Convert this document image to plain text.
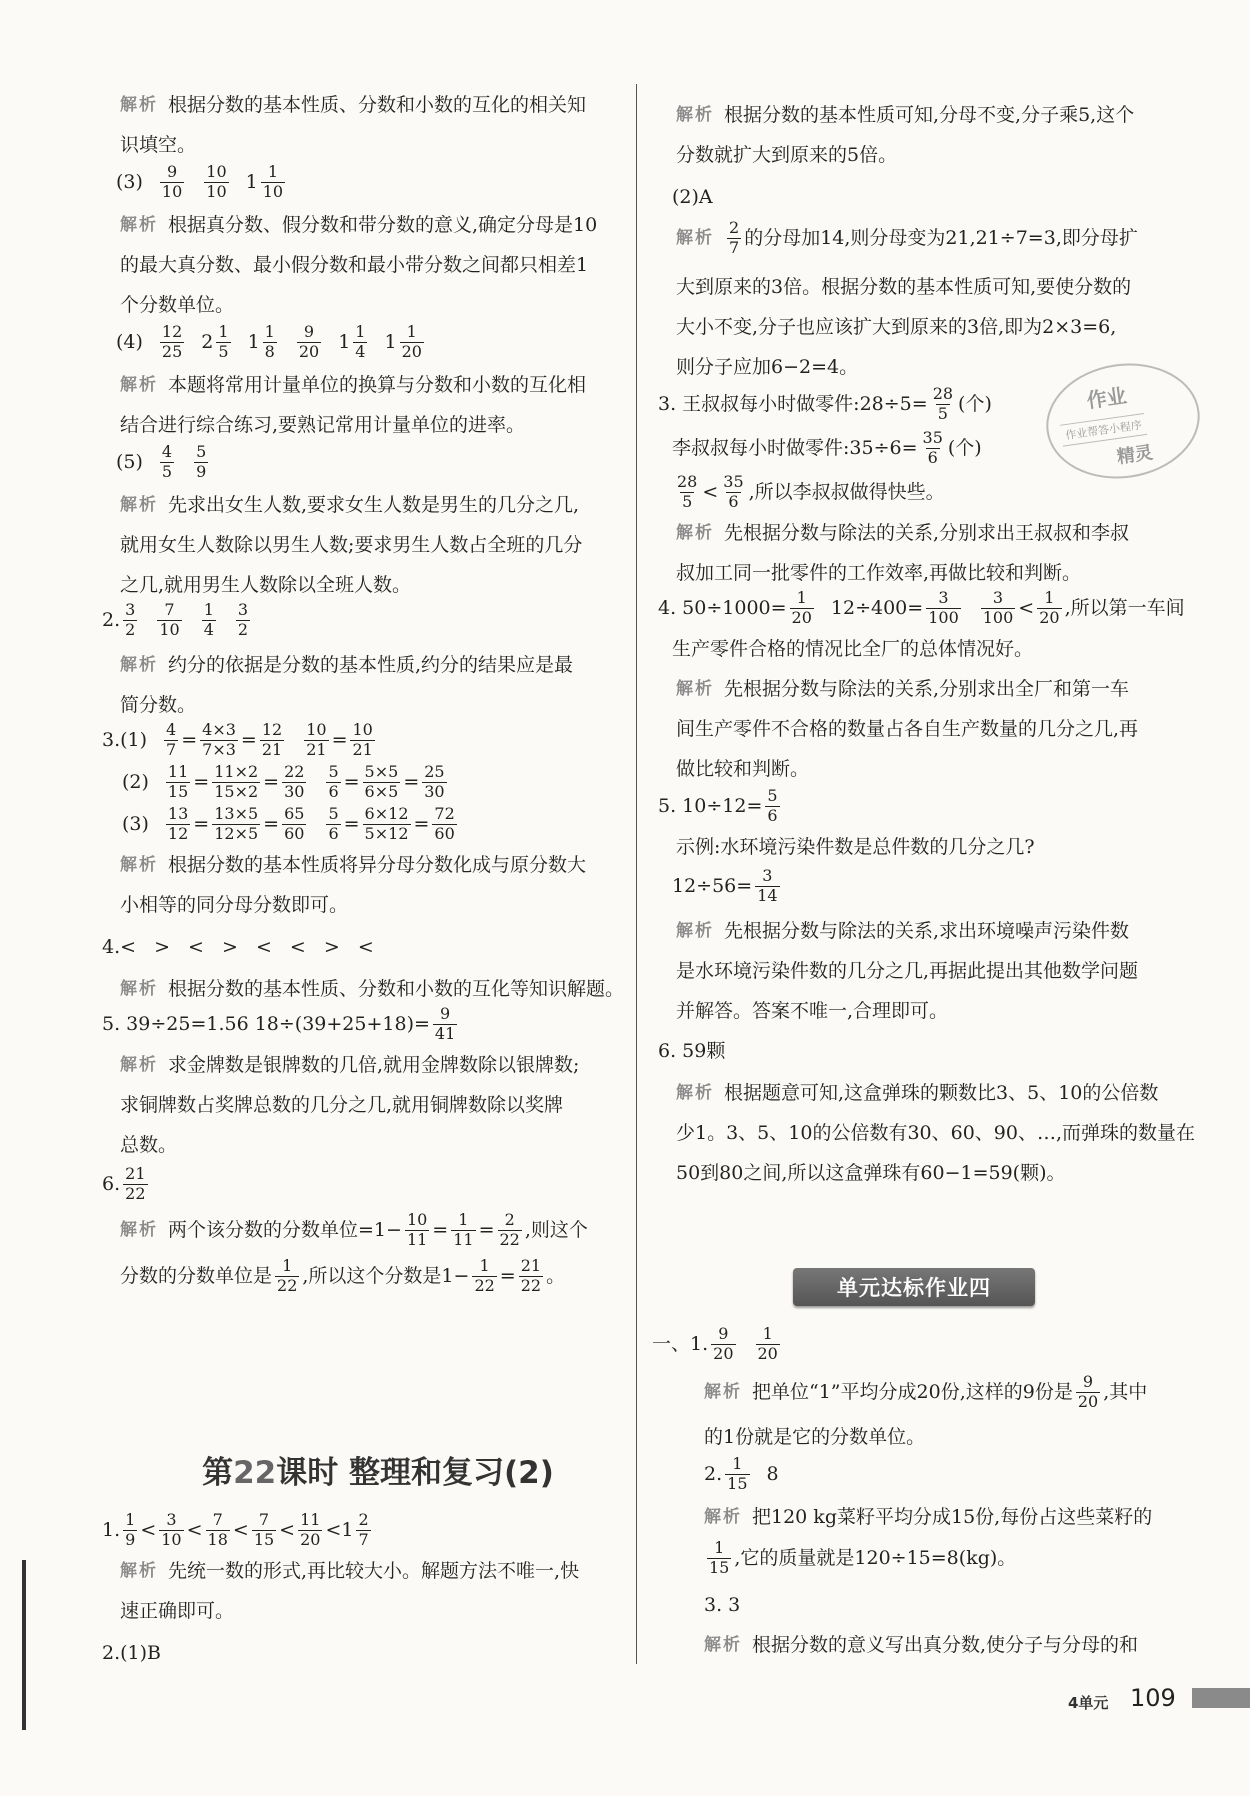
解析 根据分数的基本性质、分数和小数的互化的相关知
识填空。
(3) 9
10
10
10 1 1
10
解析 根据真分数、假分数和带分数的意义,确定分母是10
的最大真分数、最小假分数和最小带分数之间都只相差1
个分数单位。
(4) 12
25 2 1
5 1 1
8
9
20 1 1
4 1 1
20
解析 本题将常用计量单位的换算与分数和小数的互化相
结合进行综合练习,要熟记常用计量单位的进率。
(5) 4
5
5
9
解析 先求出女生人数,要求女生人数是男生的几分之几,
就用女生人数除以男生人数;要求男生人数占全班的几分
之几,就用男生人数除以全班人数。
2. 3
2
7
10
1
4
3
2
解析 约分的依据是分数的基本性质,约分的结果应是最
简分数。
3.(1) 4
7 = 4×3
7×3 = 12
21
10
21 = 10
21
(2) 11
15 = 11×2
15×2 = 22
30
5
6 = 5×5
6×5 = 25
30
(3) 13
12 = 13×5
12×5 = 65
60
5
6 = 6×12
5×12 = 72
60
解析 根据分数的基本性质将异分母分数化成与原分数大
小相等的同分母分数即可。
4.< > < > < < > <
解析 根据分数的基本性质、分数和小数的互化等知识解题。
5. 39÷25=1.56 $18\div(39+25+18)= \frac{9}{41}$
解析 求金牌数是银牌数的几倍,就用金牌数除以银牌数;
求铜牌数占奖牌总数的几分之几,就用铜牌数除以奖牌
总数。
6. 21
22
解析 两个该分数的分数单位$=1- \frac{10}{11} = 1$
11 = 2
22 ,则这个
分数的分数单位是 1
22 ,所以这个分数是$1- \frac{1}{22} = 21$
22 。
1. 1
9 < 3
10 < 7
18 < 7
15 < 11
20 <1 2
7
解析 先统一数的形式,再比较大小。解题方法不唯一,快
速正确即可。
2.(1)B
第22课时 整理和复习(2)
解析 根据分数的基本性质可知,分母不变,分子乘5,这个
分数就扩大到原来的5倍。
(2)A
解析
2
7 的分母加14,则分母变为21,21÷7=3,即分母扩
大到原来的3倍。根据分数的基本性质可知,要使分数的
大小不变,分子也应该扩大到原来的3倍,即为2×3=6,
则分子应加6−2=4。
3. 王叔叔每小时做零件:28÷5= $\frac{28}{5}$ (个)
李叔叔每小时做零件:35÷6= $\frac{35}{6}$ (个)
28
5 < 35
6 ,所以李叔叔做得快些。
解析 先根据分数与除法的关系,分别求出王叔叔和李叔
叔加工同一批零件的工作效率,再做比较和判断。
4. $50\div 1000= \frac{1}{20} 12\div 400= \frac{3}{100} 3$
100 < 1
20 ,所以第一车间
生产零件合格的情况比全厂的总体情况好。
解析 先根据分数与除法的关系,分别求出全厂和第一车
间生产零件不合格的数量占各自生产数量的几分之几,再
做比较和判断。
5. $10\div 12= \frac{5}{6}$
示例:水环境污染件数是总件数的几分之几?
$12\div 56= \frac{3}{14}$
解析 先根据分数与除法的关系,求出环境噪声污染件数
是水环境污染件数的几分之几,再据此提出其他数学问题
并解答。答案不唯一,合理即可。
6. 59颗
解析 根据题意可知,这盒弹珠的颗数比3、5、10的公倍数
少1。3、5、10的公倍数有30、60、90、…,而弹珠的数量在
50到80之间,所以这盒弹珠有60−1=59(颗)。
一、1. 9
20
1
20
解析 把单位“1”平均分成20份,这样的9份是 9
20 ,其中
的1份就是它的分数单位。
2. 1
15 8
解析 把120 kg菜籽平均分成15份,每份占这些菜籽的
1
15 ,它的质量就是120÷15=8(kg)。
3. 3
解析 根据分数的意义写出真分数,使分子与分母的和
单元达标作业四
作业
作业帮答小程序
精灵
4单元 109
